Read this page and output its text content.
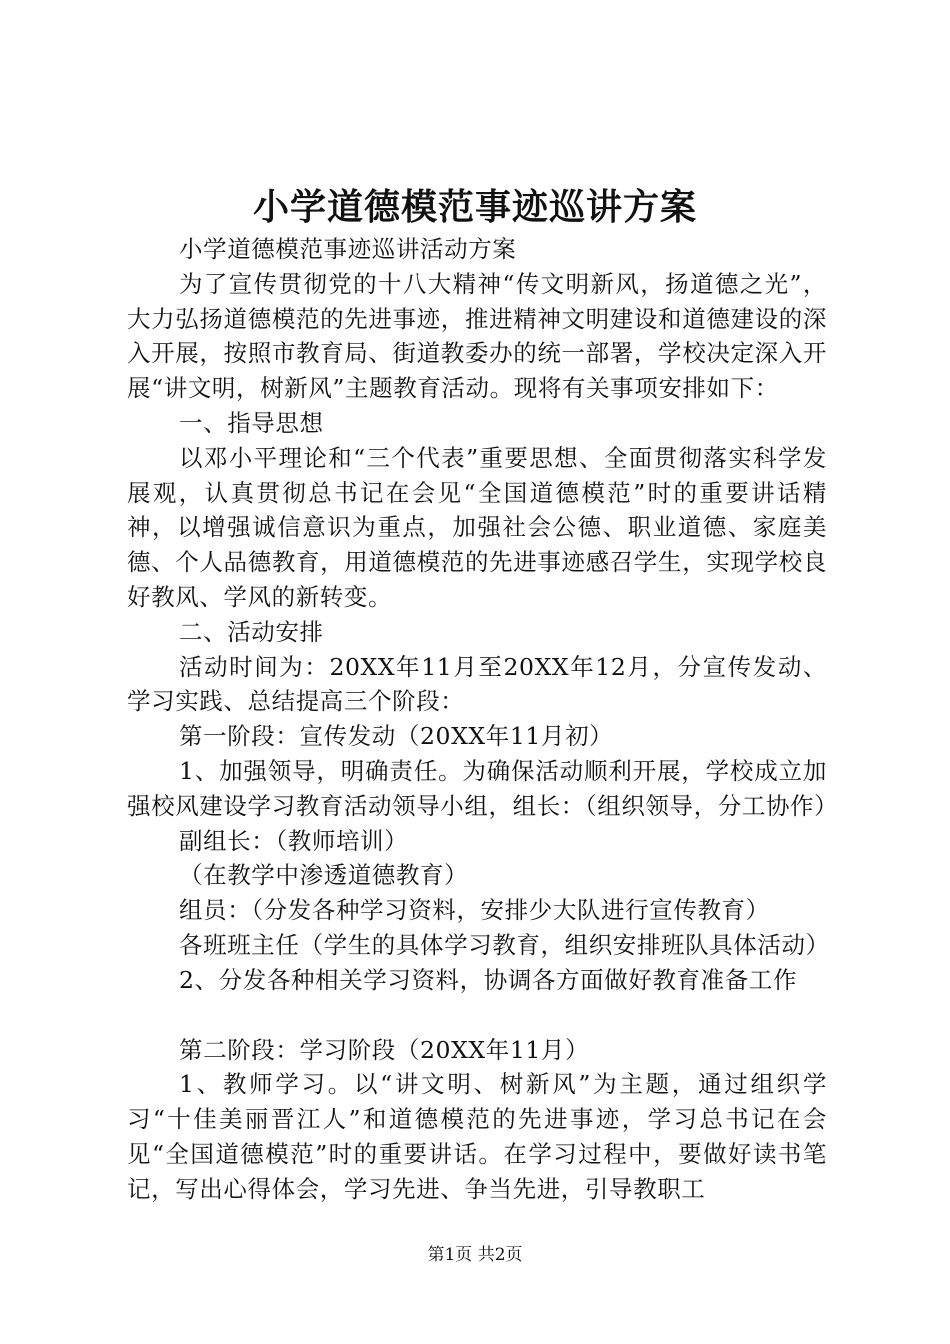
小学道德模范事迹巡讲方案

小学道德模范事迹巡讲活动方案

为了宣传贯彻党的十八大精神“传文明新风，扬道德之光”，大力弘扬道德模范的先进事迹，推进精神文明建设和道德建设的深入开展，按照市教育局、街道教委办的统一部署，学校决定深入开展“讲文明，树新风”主题教育活动。现将有关事项安排如下：

一、指导思想

以邓小平理论和“三个代表”重要思想、全面贯彻落实科学发展观，认真贯彻总书记在会见“全国道德模范”时的重要讲话精神，以增强诚信意识为重点，加强社会公德、职业道德、家庭美德、个人品德教育，用道德模范的先进事迹感召学生，实现学校良好教风、学风的新转变。

二、活动安排

活动时间为：20XX年11月至20XX年12月，分宣传发动、学习实践、总结提高三个阶段：

第一阶段：宣传发动（20XX年11月初）

1、加强领导，明确责任。为确保活动顺利开展，学校成立加强校风建设学习教育活动领导小组，组长：（组织领导，分工协作）

副组长：（教师培训）

（在教学中渗透道德教育）

组员：（分发各种学习资料，安排少大队进行宣传教育）

各班班主任（学生的具体学习教育，组织安排班队具体活动）

2、分发各种相关学习资料，协调各方面做好教育准备工作

第二阶段：学习阶段（20XX年11月）

1、教师学习。以“讲文明、树新风”为主题，通过组织学习“十佳美丽晋江人”和道德模范的先进事迹，学习总书记在会见“全国道德模范”时的重要讲话。在学习过程中，要做好读书笔记，写出心得体会，学习先进、争当先进，引导教职工

第1页 共2页
